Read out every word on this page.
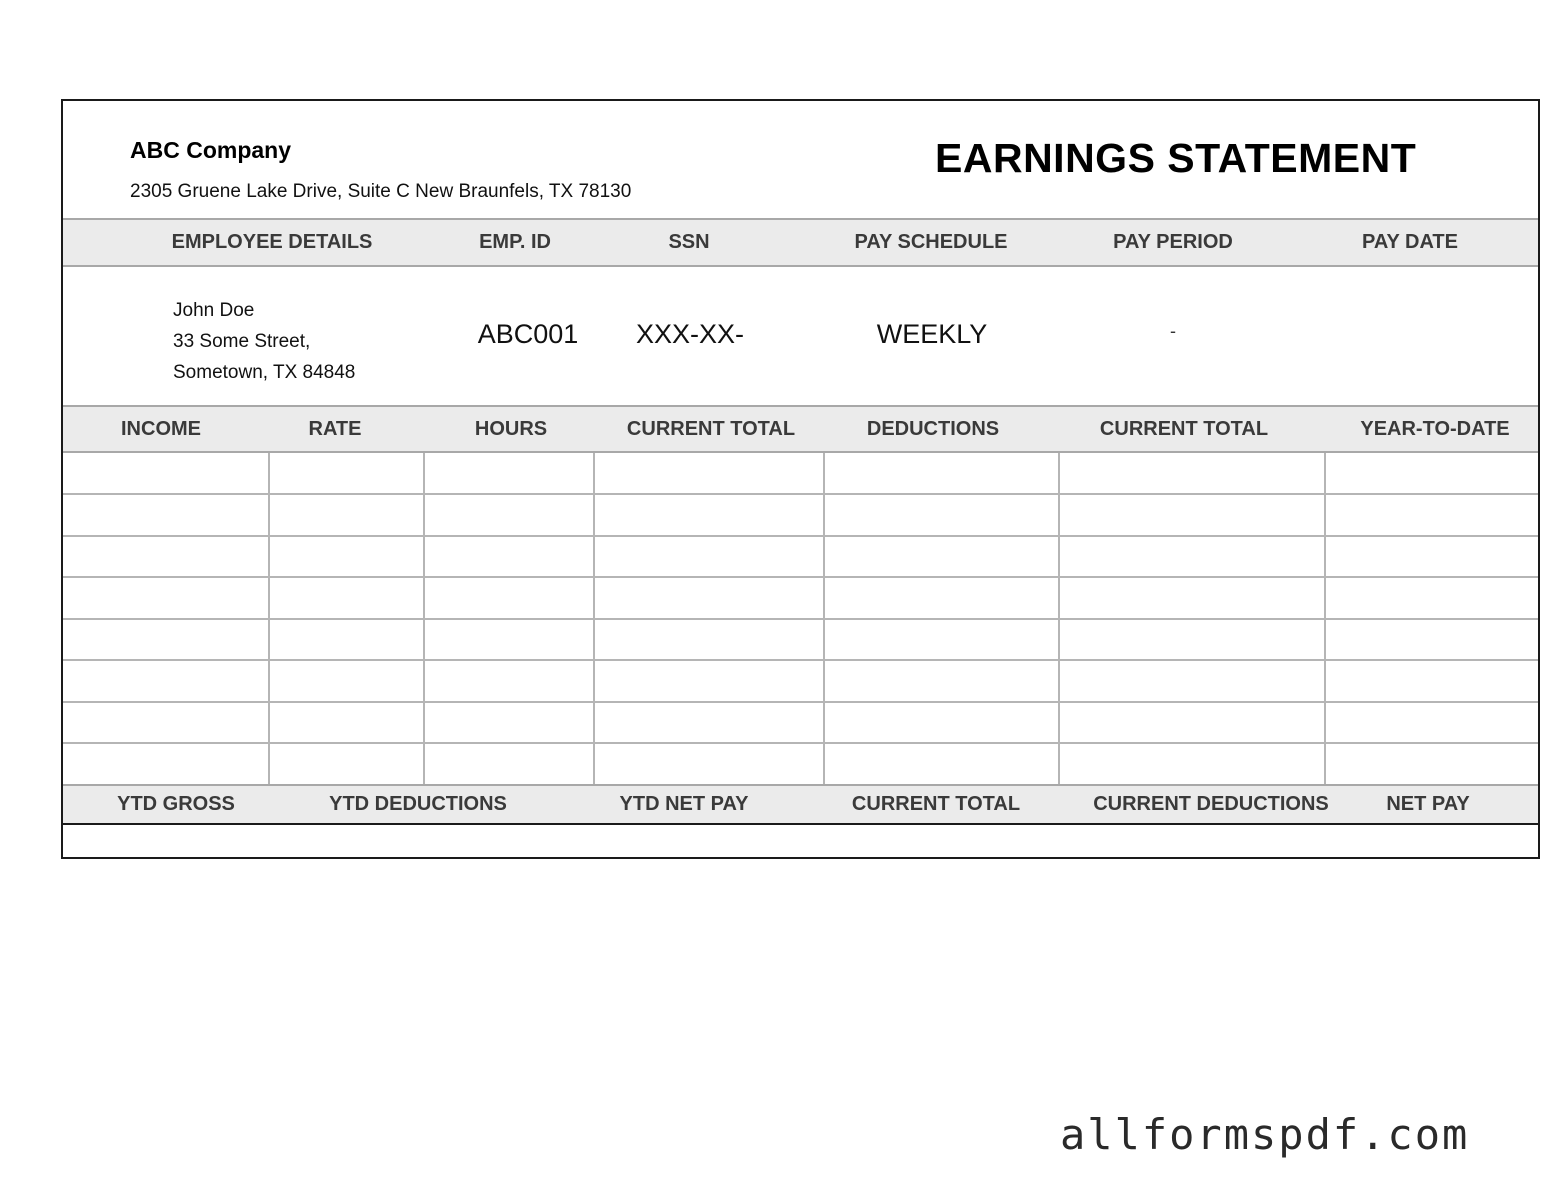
ABC Company
2305 Gruene Lake Drive, Suite C New Braunfels, TX 78130
EARNINGS STATEMENT
EMPLOYEE DETAILS	EMP. ID	SSN	PAY SCHEDULE	PAY PERIOD	PAY DATE
John Doe
33 Some Street,
Sometown, TX 84848
ABC001 XXX-XX-	WEEKLY	-
INCOME	RATE	HOURS	CURRENT TOTAL	DEDUCTIONS	CURRENT TOTAL	YEAR-TO-DATE
YTD GROSS	YTD DEDUCTIONS	YTD NET PAY	CURRENT TOTAL	CURRENT DEDUCTIONS	NET PAY
allformspdf.com
